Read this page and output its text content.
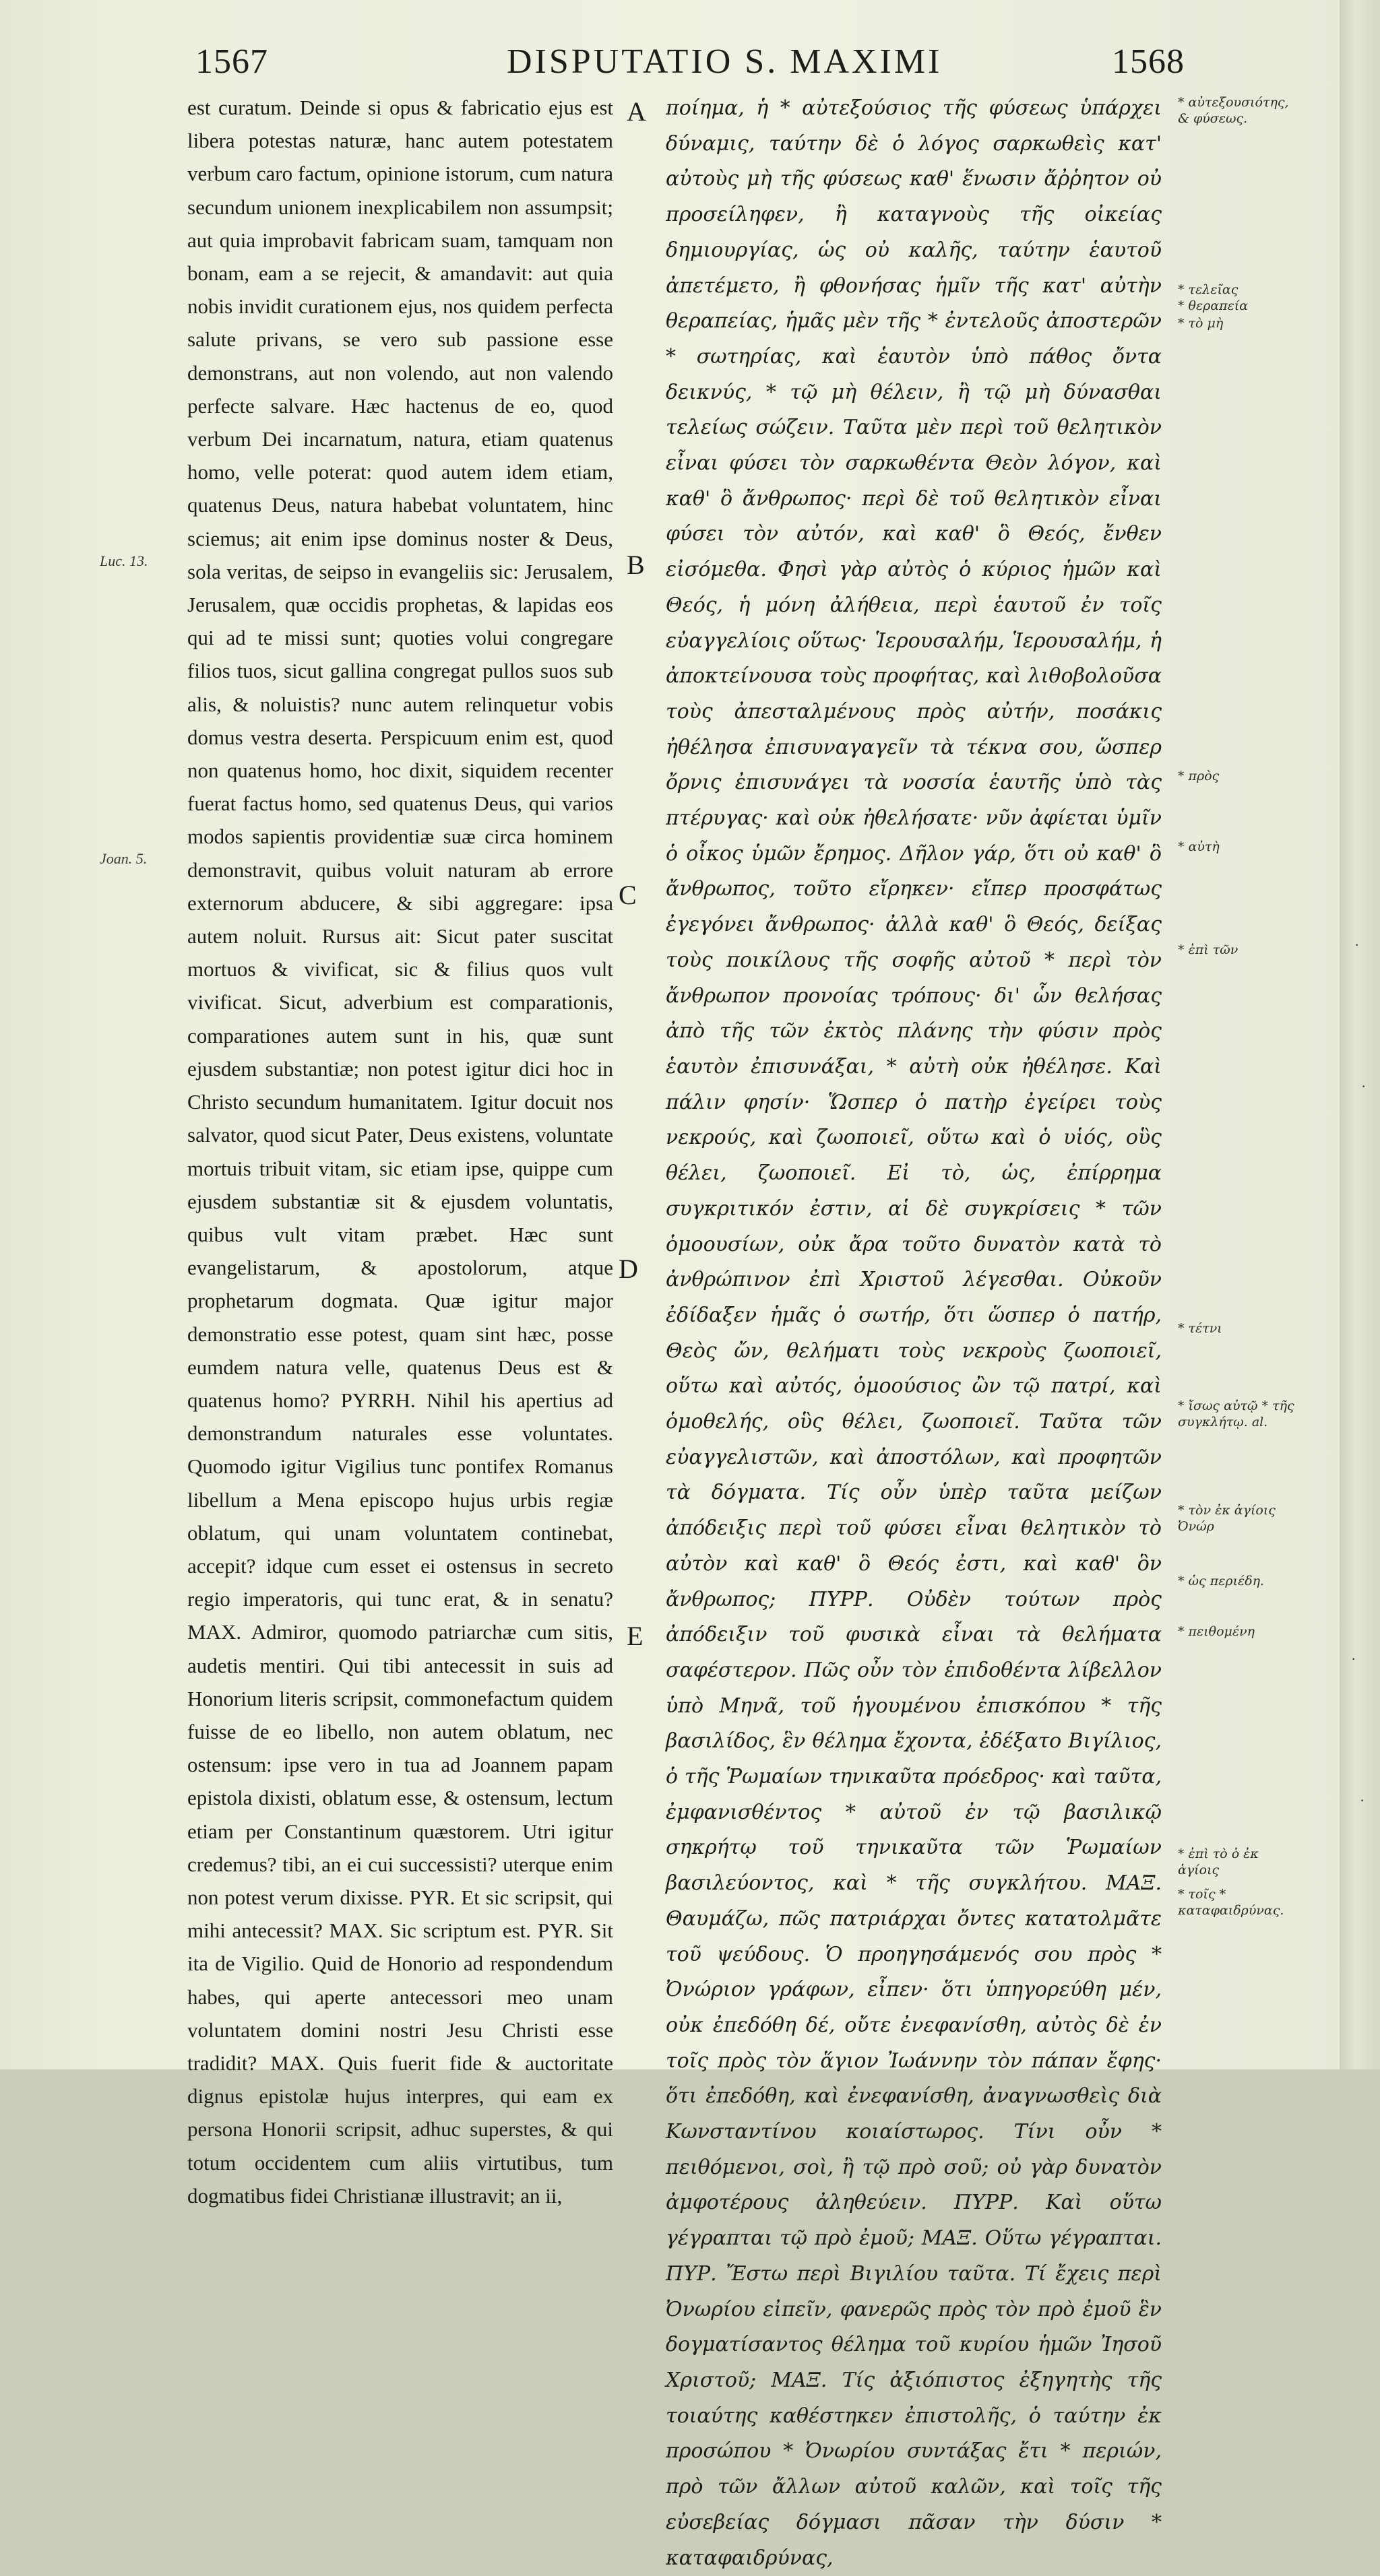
1567	DISPUTATIO S. MAXIMI	1568

est curatum. Deinde si opus & fabricatio ejus est libera potestas naturæ, hanc autem potestatem verbum caro factum, opinione istorum, cum natura secundum unionem inexplicabilem non assumpsit; aut quia improbavit fabricam suam, tamquam non bonam, eam a se rejecit, & amandavit: aut quia nobis invidit curationem ejus, nos quidem perfecta salute privans, se vero sub passione esse demonstrans, aut non volendo, aut non valendo perfecte salvare. Hæc hactenus de eo, quod verbum Dei incarnatum, natura, etiam quatenus homo, velle poterat: quod autem idem etiam, quatenus Deus, natura habebat voluntatem, hinc sciemus; ait enim ipse dominus noster & Deus, sola veritas, de seipso in evangeliis sic: Jerusalem, Jerusalem, quæ occidis prophetas, & lapidas eos qui ad te missi sunt; quoties volui congregare filios tuos, sicut gallina congregat pullos suos sub alis, & noluistis? nunc autem relinquetur vobis domus vestra deserta. Perspicuum enim est, quod non quatenus homo, hoc dixit, siquidem recenter fuerat factus homo, sed quatenus Deus, qui varios modos sapientis providentiæ suæ circa hominem demonstravit, quibus voluit naturam ab errore externorum abducere, & sibi aggregare: ipsa autem noluit. Rursus ait: Sicut pater suscitat mortuos & vivificat, sic & filius quos vult vivificat. Sicut, adverbium est comparationis, comparationes autem sunt in his, quæ sunt ejusdem substantiæ; non potest igitur dici hoc in Christo secundum humanitatem. Igitur docuit nos salvator, quod sicut Pater, Deus existens, voluntate mortuis tribuit vitam, sic etiam ipse, quippe cum ejusdem substantiæ sit & ejusdem voluntatis, quibus vult vitam præbet. Hæc sunt evangelistarum, & apostolorum, atque prophetarum dogmata. Quæ igitur major demonstratio esse potest, quam sint hæc, posse eumdem natura velle, quatenus Deus est & quatenus homo? PYRRH. Nihil his apertius ad demonstrandum naturales esse voluntates. Quomodo igitur Vigilius tunc pontifex Romanus libellum a Mena episcopo hujus urbis regiæ oblatum, qui unam voluntatem continebat, accepit? idque cum esset ei ostensus in secreto regio imperatoris, qui tunc erat, & in senatu? MAX. Admiror, quomodo patriarchæ cum sitis, audetis mentiri. Qui tibi antecessit in suis ad Honorium literis scripsit, commonefactum quidem fuisse de eo libello, non autem oblatum, nec ostensum: ipse vero in tua ad Joannem papam epistola dixisti, oblatum esse, & ostensum, lectum etiam per Constantinum quæstorem. Utri igitur credemus? tibi, an ei cui successisti? uterque enim non potest verum dixisse. PYR. Et sic scripsit, qui mihi antecessit? MAX. Sic scriptum est. PYR. Sit ita de Vigilio. Quid de Honorio ad respondendum habes, qui aperte antecessori meo unam voluntatem domini nostri Jesu Christi esse tradidit? MAX. Quis fuerit fide & auctoritate dignus epistolæ hujus interpres, qui eam ex persona Honorii scripsit, adhuc superstes, & qui totum occidentem cum aliis virtutibus, tum dogmatibus fidei Christianæ illustravit; an ii,

A
B
C
D
E
Luc. 13.
Joan. 5.

ποίημα, ἡ * αὐτεξούσιος τῆς φύσεως ὑπάρχει δύναμις, ταύτην δὲ ὁ λόγος σαρκωθεὶς κατ' αὐτοὺς μὴ τῆς φύσεως καθ' ἕνωσιν ἄῤῥητον οὐ προσείληφεν, ἢ καταγνοὺς τῆς οἰκείας δημιουργίας, ὡς οὐ καλῆς, ταύτην ἑαυτοῦ ἀπετέμετο, ἢ φθονήσας ἡμῖν τῆς κατ' αὐτὴν θεραπείας, ἡμᾶς μὲν τῆς * ἐντελοῦς ἀποστερῶν * σωτηρίας, καὶ ἑαυτὸν ὑπὸ πάθος ὄντα δεικνύς, * τῷ μὴ θέλειν, ἢ τῷ μὴ δύνασθαι τελείως σώζειν. Ταῦτα μὲν περὶ τοῦ θελητικὸν εἶναι φύσει τὸν σαρκωθέντα Θεὸν λόγον, καὶ καθ' ὃ ἄνθρωπος· περὶ δὲ τοῦ θελητικὸν εἶναι φύσει τὸν αὐτόν, καὶ καθ' ὃ Θεός, ἔνθεν εἰσόμεθα. Φησὶ γὰρ αὐτὸς ὁ κύριος ἡμῶν καὶ Θεός, ἡ μόνη ἀλήθεια, περὶ ἑαυτοῦ ἐν τοῖς εὐαγγελίοις οὕτως· Ἱερουσαλήμ, Ἱερουσαλήμ, ἡ ἀποκτείνουσα τοὺς προφήτας, καὶ λιθοβολοῦσα τοὺς ἀπεσταλμένους πρὸς αὐτήν, ποσάκις ἠθέλησα ἐπισυναγαγεῖν τὰ τέκνα σου, ὥσπερ ὄρνις ἐπισυνάγει τὰ νοσσία ἑαυτῆς ὑπὸ τὰς πτέρυγας· καὶ οὐκ ἠθελήσατε· νῦν ἀφίεται ὑμῖν ὁ οἶκος ὑμῶν ἔρημος. Δῆλον γάρ, ὅτι οὐ καθ' ὃ ἄνθρωπος, τοῦτο εἴρηκεν· εἴπερ προσφάτως ἐγεγόνει ἄνθρωπος· ἀλλὰ καθ' ὃ Θεός, δείξας τοὺς ποικίλους τῆς σοφῆς αὐτοῦ * περὶ τὸν ἄνθρωπον προνοίας τρόπους· δι' ὧν θελήσας ἀπὸ τῆς τῶν ἐκτὸς πλάνης τὴν φύσιν πρὸς ἑαυτὸν ἐπισυνάξαι, * αὐτὴ οὐκ ἠθέλησε. Καὶ πάλιν φησίν· Ὥσπερ ὁ πατὴρ ἐγείρει τοὺς νεκρούς, καὶ ζωοποιεῖ, οὕτω καὶ ὁ υἱός, οὓς θέλει, ζωοποιεῖ. Εἰ τὸ, ὡς, ἐπίρρημα συγκριτικόν ἐστιν, αἱ δὲ συγκρίσεις * τῶν ὁμοουσίων, οὐκ ἄρα τοῦτο δυνατὸν κατὰ τὸ ἀνθρώπινον ἐπὶ Χριστοῦ λέγεσθαι. Οὐκοῦν ἐδίδαξεν ἡμᾶς ὁ σωτήρ, ὅτι ὥσπερ ὁ πατήρ, Θεὸς ὤν, θελήματι τοὺς νεκροὺς ζωοποιεῖ, οὕτω καὶ αὐτός, ὁμοούσιος ὢν τῷ πατρί, καὶ ὁμοθελής, οὓς θέλει, ζωοποιεῖ. Ταῦτα τῶν εὐαγγελιστῶν, καὶ ἀποστόλων, καὶ προφητῶν τὰ δόγματα. Τίς οὖν ὑπὲρ ταῦτα μείζων ἀπόδειξις περὶ τοῦ φύσει εἶναι θελητικὸν τὸ αὐτὸν καὶ καθ' ὃ Θεός ἐστι, καὶ καθ' ὃν ἄνθρωπος; ΠΥΡΡ. Οὐδὲν τούτων πρὸς ἀπόδειξιν τοῦ φυσικὰ εἶναι τὰ θελήματα σαφέστερον. Πῶς οὖν τὸν ἐπιδοθέντα λίβελλον ὑπὸ Μηνᾶ, τοῦ ἡγουμένου ἐπισκόπου * τῆς βασιλίδος, ἓν θέλημα ἔχοντα, ἐδέξατο Βιγίλιος, ὁ τῆς Ῥωμαίων τηνικαῦτα πρόεδρος· καὶ ταῦτα, ἐμφανισθέντος * αὐτοῦ ἐν τῷ βασιλικῷ σηκρήτῳ τοῦ τηνικαῦτα τῶν Ῥωμαίων βασιλεύοντος, καὶ * τῆς συγκλήτου. ΜΑΞ. Θαυμάζω, πῶς πατριάρχαι ὄντες κατατολμᾶτε τοῦ ψεύδους. Ὁ προηγησάμενός σου πρὸς * Ὀνώριον γράφων, εἶπεν· ὅτι ὑπηγορεύθη μέν, οὐκ ἐπεδόθη δέ, οὔτε ἐνεφανίσθη, αὐτὸς δὲ ἐν τοῖς πρὸς τὸν ἅγιον Ἰωάννην τὸν πάπαν ἔφης· ὅτι ἐπεδόθη, καὶ ἐνεφανίσθη, ἀναγνωσθεὶς διὰ Κωνσταντίνου κοιαίστωρος. Τίνι οὖν * πειθόμενοι, σοὶ, ἢ τῷ πρὸ σοῦ; οὐ γὰρ δυνατὸν ἀμφοτέρους ἀληθεύειν. ΠΥΡΡ. Καὶ οὕτω γέγραπται τῷ πρὸ ἐμοῦ; ΜΑΞ. Οὕτω γέγραπται. ΠΥΡ. Ἔστω περὶ Βιγιλίου ταῦτα. Τί ἔχεις περὶ Ὀνωρίου εἰπεῖν, φανερῶς πρὸς τὸν πρὸ ἐμοῦ ἓν δογματίσαντος θέλημα τοῦ κυρίου ἡμῶν Ἰησοῦ Χριστοῦ; ΜΑΞ. Τίς ἀξιόπιστος ἐξηγητὴς τῆς τοιαύτης καθέστηκεν ἐπιστολῆς, ὁ ταύτην ἐκ προσώπου * Ὀνωρίου συντάξας ἔτι * περιών, πρὸ τῶν ἄλλων αὐτοῦ καλῶν, καὶ τοῖς τῆς εὐσεβείας δόγμασι πᾶσαν τὴν δύσιν * καταφαιδρύνας,

* αὐτεξουσιότης, & φύσεως.
* τελεῖας
* θεραπεία
* τὸ μὴ
* πρὸς
* αὐτὴ
* ἐπὶ τῶν
* τέτνι
* ἴσως αὐτῷ * τῆς συγκλήτῳ. al.
* τὸν ἐκ ἁγίοις Ὀνώρ
* ὡς περιέδη.
* πειθομένη
* ἐπὶ τὸ ὁ ἐκ ἁγίοις
* τοῖς * καταφαιδρύνας.
·
·
·
·
